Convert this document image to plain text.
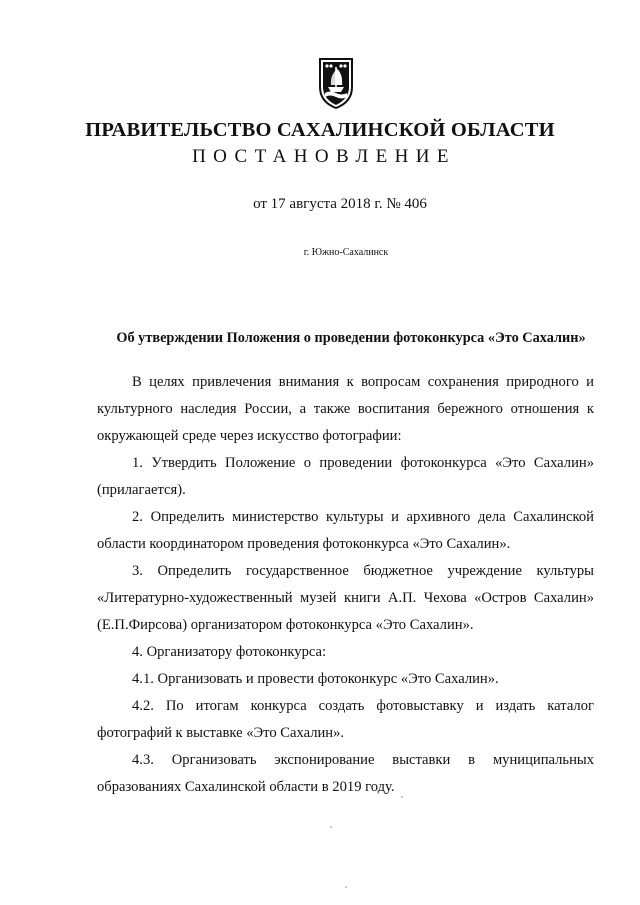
ПРАВИТЕЛЬСТВО САХАЛИНСКОЙ ОБЛАСТИ
ПОСТАНОВЛЕНИЕ
от 17 августа 2018 г. № 406
г. Южно-Сахалинск
Об утверждении Положения о проведении фотоконкурса «Это Сахалин»

В целях привлечения внимания к вопросам сохранения природного и культурного наследия России, а также воспитания бережного отношения к окружающей среде через искусство фотографии:

1. Утвердить Положение о проведении фотоконкурса «Это Сахалин» (прилагается).

2. Определить министерство культуры и архивного дела Сахалинской области координатором проведения фотоконкурса «Это Сахалин».

3. Определить государственное бюджетное учреждение культуры «Литературно-художественный музей книги А.П. Чехова «Остров Сахалин» (Е.П.Фирсова) организатором фотоконкурса «Это Сахалин».

4. Организатору фотоконкурса:

4.1. Организовать и провести фотоконкурс «Это Сахалин».

4.2. По итогам конкурса создать фотовыставку и издать каталог фотографий к выставке «Это Сахалин».

4.3. Организовать экспонирование выставки в муниципальных образованиях Сахалинской области в 2019 году.
